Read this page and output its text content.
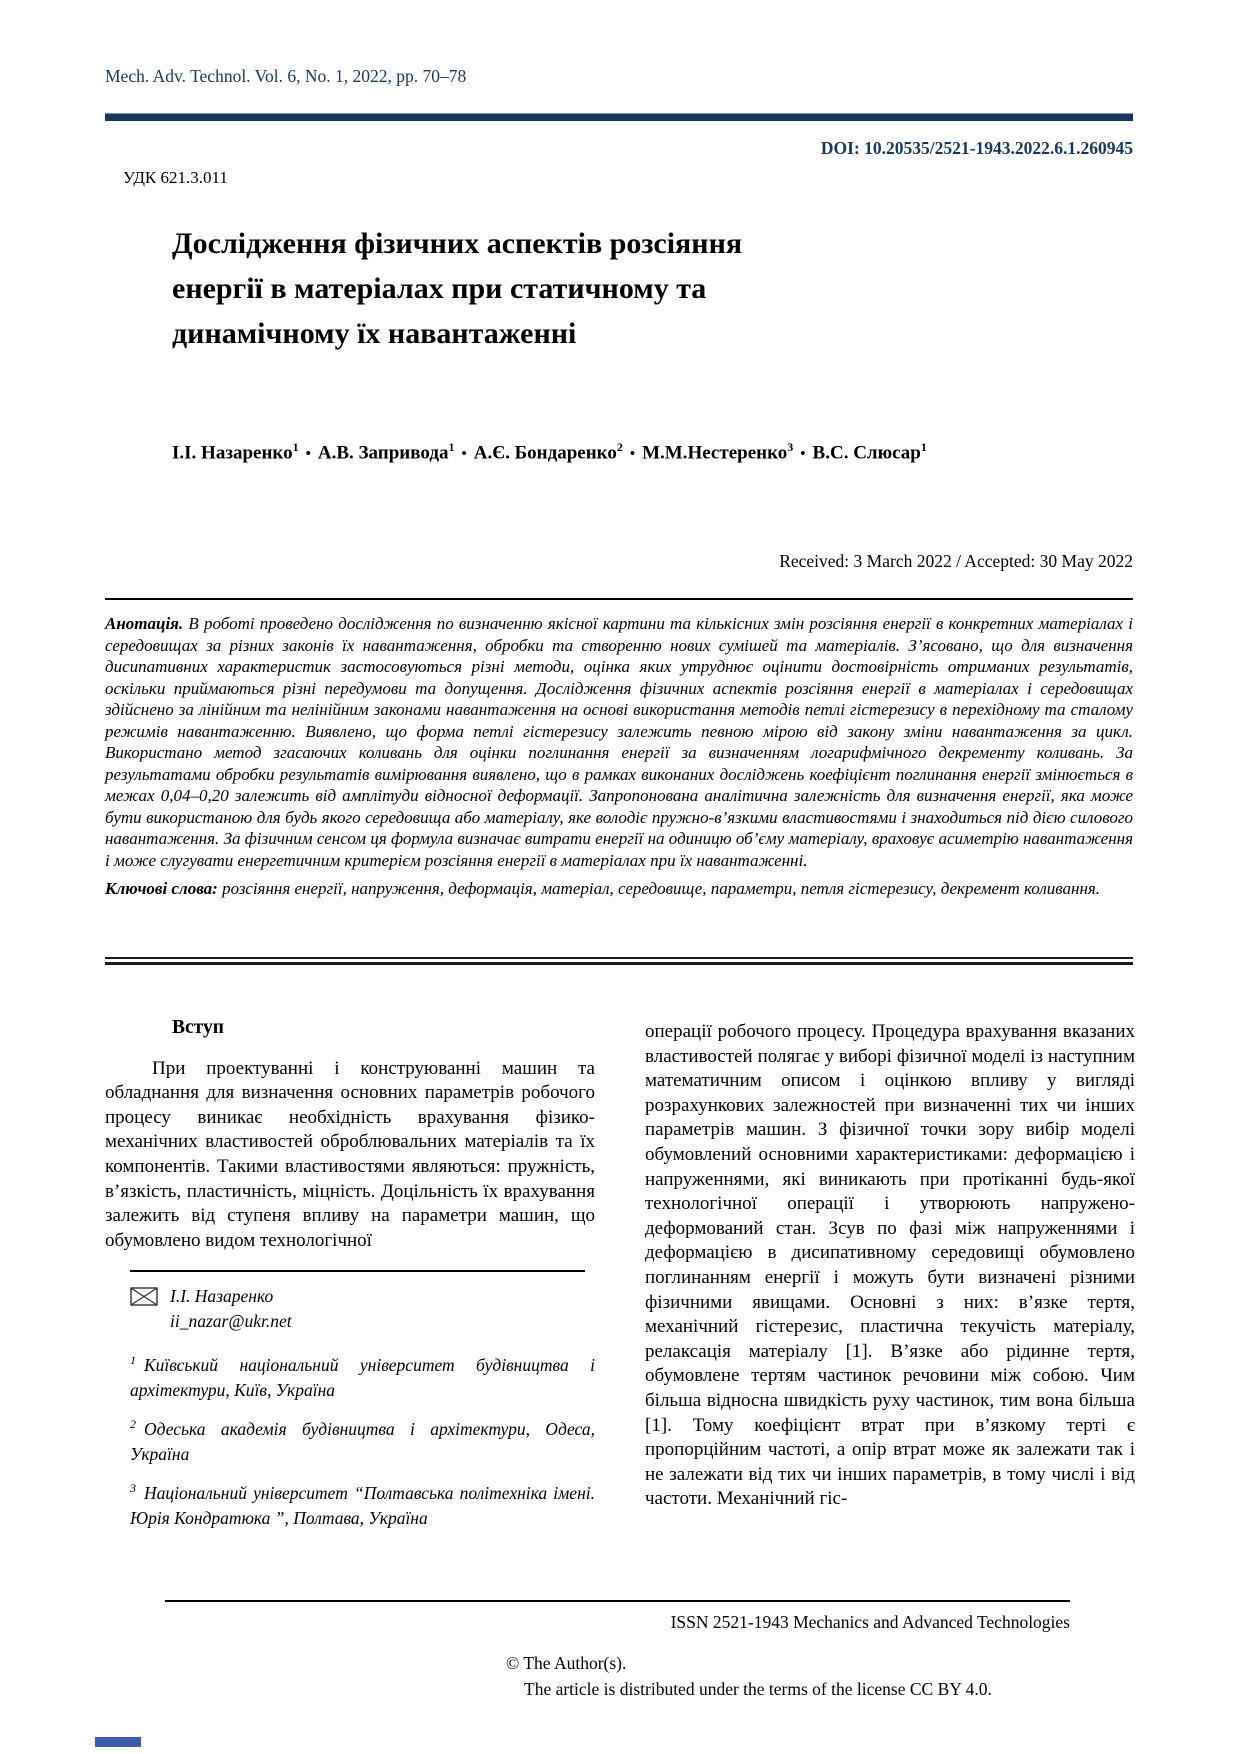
Mech. Adv. Technol. Vol. 6, No. 1, 2022, pp. 70–78
DOI: 10.20535/2521-1943.2022.6.1.260945
УДК 621.3.011
Дослідження фізичних аспектів розсіяння
енергії в матеріалах при статичному та
динамічному їх навантаженні
І.І. Назаренко$^1$ • А.В. Запривода$^1$ • А.Є. Бондаренко$^2$ • М.М.Нестеренко$^3$ • В.С. Слюсар$^1$
Received: 3 March 2022 / Accepted: 30 May 2022

Анотація. В роботі проведено дослідження по визначенню якісної картини та кількісних змін розсіяння енергії в конкретних матеріалах і середовищах за різних законів їх навантаження, обробки та створенню нових сумішей та матеріалів. З’ясовано, що для визначення дисипативних характеристик застосовуються різні методи, оцінка яких утруднює оцінити достовірність отриманих результатів, оскільки приймаються різні передумови та допущення. Дослідження фізичних аспектів розсіяння енергії в матеріалах і середовищах здійснено за лінійним та нелінійним законами навантаження на основі використання методів петлі гістерезису в перехідному та сталому режимів навантаженню. Виявлено, що форма петлі гістерезису залежить певною мірою від закону зміни навантаження за цикл. Використано метод згасаючих коливань для оцінки поглинання енергії за визначенням логарифмічного декременту коливань. За результатами обробки результатів вимірювання виявлено, що в рамках виконаних досліджень коефіцієнт поглинання енергії змінюється в межах 0,04–0,20 залежить від амплітуди відносної деформації. Запропонована аналітична залежність для визначення енергії, яка може бути використаною для будь якого середовища або матеріалу, яке володіє пружно-в’язкими властивостями і знаходиться під дією силового навантаження. За фізичним сенсом ця формула визначає витрати енергії на одиницю об’єму матеріалу, враховує асиметрію навантаження і може слугувати енергетичним критерієм розсіяння енергії в матеріалах при їх навантаженні.

Ключові слова: розсіяння енергії, напруження, деформація, матеріал, середовище, параметри, петля гістерезису, декремент коливання.

Вступ

При проектуванні і конструюванні машин та обладнання для визначення основних параметрів робочого процесу виникає необхідність врахування фізико-механічних властивостей оброблювальних матеріалів та їх компонентів. Такими властивостями являються: пружність, в’язкість, пластичність, міцність. Доцільність їх врахування залежить від ступеня впливу на параметри машин, що обумовлено видом технологічної

І.І. Назаренко
ii_nazar@ukr.net
$^1$ Київський національний університет будівництва і архітектури, Київ, Україна
$^2$ Одеська академія будівництва і архітектури, Одеса, Україна
$^3$ Національний університет “Полтавська політехніка імені. Юрія Кондратюка ”, Полтава, Україна

операції робочого процесу. Процедура врахування вказаних властивостей полягає у виборі фізичної моделі із наступним математичним описом і оцінкою впливу у вигляді розрахункових залежностей при визначенні тих чи інших параметрів машин. З фізичної точки зору вибір моделі обумовлений основними характеристиками: деформацією і напруженнями, які виникають при протіканні будь-якої технологічної операції і утворюють напружено-деформований стан. Зсув по фазі між напруженнями і деформацією в дисипативному середовищі обумовлено поглинанням енергії і можуть бути визначені різними фізичними явищами. Основні з них: в’язке тертя, механічний гістерезис, пластична текучість матеріалу, релаксація матеріалу [1]. В’язке або рідинне тертя, обумовлене тертям частинок речовини між собою. Чим більша відносна швидкість руху частинок, тим вона більша [1]. Тому коефіцієнт втрат при в’язкому терті є пропорційним частоті, а опір втрат може як залежати так і не залежати від тих чи інших параметрів, в тому числі і від частоти. Механічний гіс-

ISSN 2521-1943 Mechanics and Advanced Technologies
© The Author(s).
The article is distributed under the terms of the license CC BY 4.0.
